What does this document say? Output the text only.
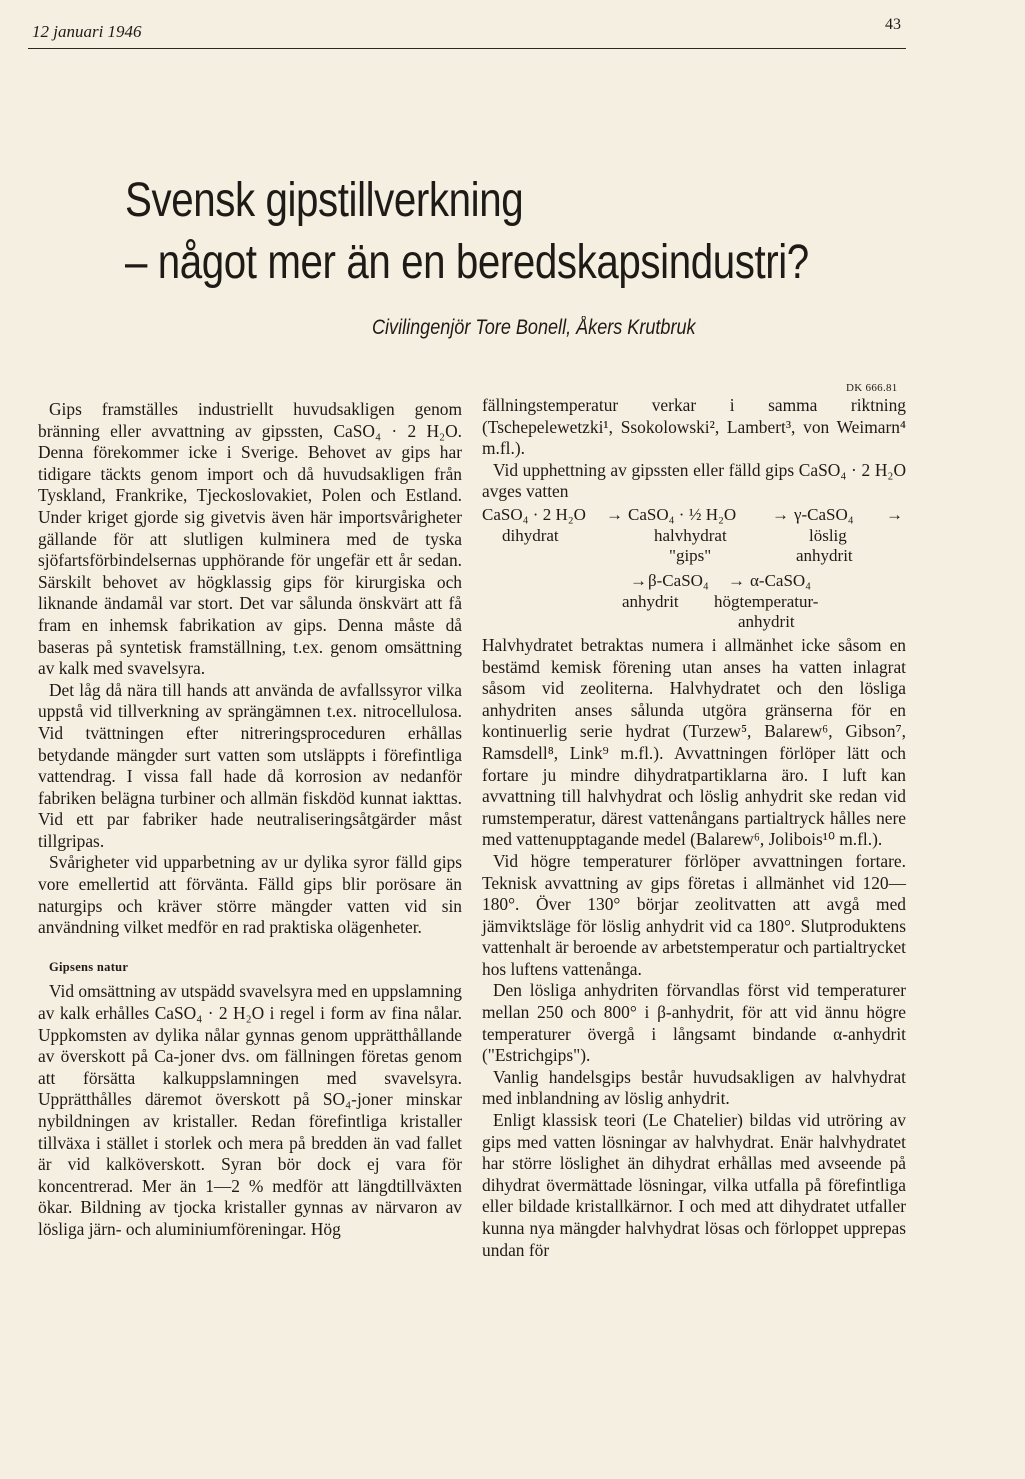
12 januari 1946	43
Svensk gipstillverkning
– något mer än en beredskapsindustri?
Civilingenjör Tore Bonell, Åkers Krutbruk
DK 666.81

Gips framställes industriellt huvudsakligen genom bränning eller avvattning av gipssten, CaSO₄ · 2 H₂O. Denna förekommer icke i Sverige. Behovet av gips har tidigare täckts genom import och då huvudsakligen från Tyskland, Frankrike, Tjeckoslovakiet, Polen och Estland. Under kriget gjorde sig givetvis även här importsvårigheter gällande för att slutligen kulminera med de tyska sjöfartsförbindelsernas upphörande för ungefär ett år sedan. Särskilt behovet av högklassig gips för kirurgiska och liknande ändamål var stort. Det var sålunda önskvärt att få fram en inhemsk fabrikation av gips. Denna måste då baseras på syntetisk framställning, t.ex. genom omsättning av kalk med svavelsyra.

Det låg då nära till hands att använda de avfallssyror vilka uppstå vid tillverkning av sprängämnen t.ex. nitrocellulosa. Vid tvättningen efter nitreringsproceduren erhållas betydande mängder surt vatten som utsläppts i förefintliga vattendrag. I vissa fall hade då korrosion av nedanför fabriken belägna turbiner och allmän fiskdöd kunnat iakttas. Vid ett par fabriker hade neutraliseringsåtgärder måst tillgripas.

Svårigheter vid upparbetning av ur dylika syror fälld gips vore emellertid att förvänta. Fälld gips blir porösare än naturgips och kräver större mängder vatten vid sin användning vilket medför en rad praktiska olägenheter.

Gipsens natur

Vid omsättning av utspädd svavelsyra med en uppslamning av kalk erhålles CaSO₄ · 2 H₂O i regel i form av fina nålar. Uppkomsten av dylika nålar gynnas genom upprätthållande av överskott på Ca-joner dvs. om fällningen företas genom att försätta kalkuppslamningen med svavelsyra. Upprätthålles däremot överskott på SO₄-joner minskar nybildningen av kristaller. Redan förefintliga kristaller tillväxa i stället i storlek och mera på bredden än vad fallet är vid kalköverskott. Syran bör dock ej vara för koncentrerad. Mer än 1—2 % medför att längdtillväxten ökar. Bildning av tjocka kristaller gynnas av närvaron av lösliga järn- och aluminiumföreningar. Hög

fällningstemperatur verkar i samma riktning (Tschepelewetzki¹, Ssokolowski², Lambert³, von Weimarn⁴ m.fl.).

Vid upphettning av gipssten eller fälld gips CaSO₄ · 2 H₂O avges vatten

CaSO₄ · 2 H₂O → CaSO₄ · ½ H₂O → γ-CaSO₄ →
dihydrat	halvhydrat
"gips"
löslig
anhydrit
→ β-CaSO₄ → α-CaSO₄
anhydrit högtemperatur-
anhydrit

Halvhydratet betraktas numera i allmänhet icke såsom en bestämd kemisk förening utan anses ha vatten inlagrat såsom vid zeoliterna. Halvhydratet och den lösliga anhydriten anses sålunda utgöra gränserna för en kontinuerlig serie hydrat (Turzew⁵, Balarew⁶, Gibson⁷, Ramsdell⁸, Link⁹ m.fl.). Avvattningen förlöper lätt och fortare ju mindre dihydratpartiklarna äro. I luft kan avvattning till halvhydrat och löslig anhydrit ske redan vid rumstemperatur, därest vattenångans partialtryck hålles nere med vattenupptagande medel (Balarew⁶, Jolibois¹⁰ m.fl.).

Vid högre temperaturer förlöper avvattningen fortare. Teknisk avvattning av gips företas i allmänhet vid 120—180°. Över 130° börjar zeolitvatten att avgå med jämviktsläge för löslig anhydrit vid ca 180°. Slutproduktens vattenhalt är beroende av arbetstemperatur och partialtrycket hos luftens vattenånga.

Den lösliga anhydriten förvandlas först vid temperaturer mellan 250 och 800° i β-anhydrit, för att vid ännu högre temperaturer övergå i långsamt bindande α-anhydrit ("Estrichgips").

Vanlig handelsgips består huvudsakligen av halvhydrat med inblandning av löslig anhydrit.

Enligt klassisk teori (Le Chatelier) bildas vid utröring av gips med vatten lösningar av halvhydrat. Enär halvhydratet har större löslighet än dihydrat erhållas med avseende på dihydrat övermättade lösningar, vilka utfalla på förefintliga eller bildade kristallkärnor. I och med att dihydratet utfaller kunna nya mängder halvhydrat lösas och förloppet upprepas undan för
